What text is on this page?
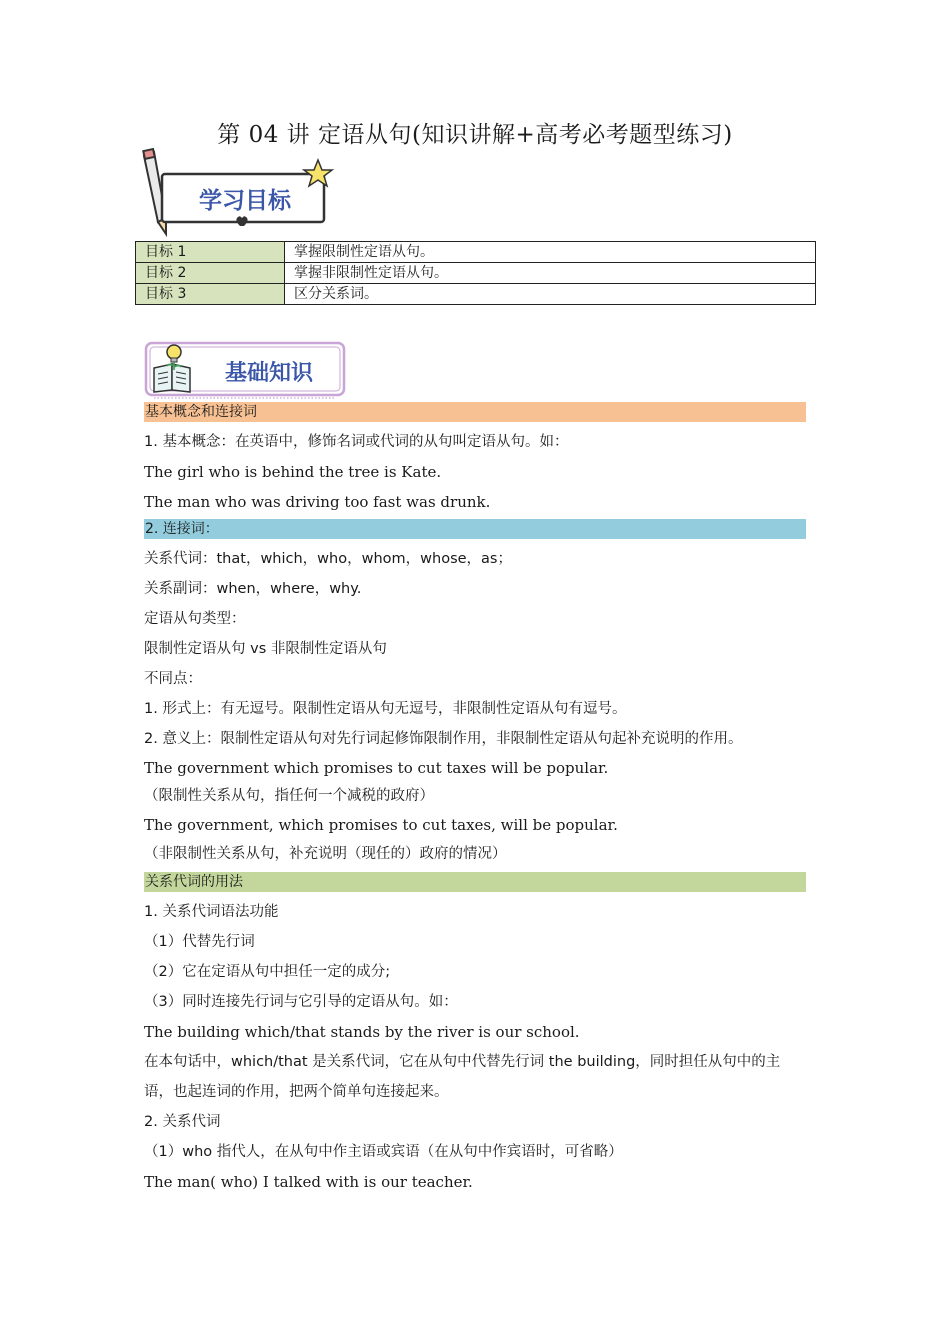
第 04 讲 定语从句(知识讲解+高考必考题型练习)
学习目标
目标 1	掌握限制性定语从句。
目标 2	掌握非限制性定语从句。
目标 3	区分关系词。
基础知识
基本概念和连接词
1. 基本概念：在英语中，修饰名词或代词的从句叫定语从句。如：
The girl who is behind the tree is Kate.
The man who was driving too fast was drunk.
2. 连接词：
关系代词：that，which，who，whom，whose，as；
关系副词：when，where，why.
定语从句类型：
限制性定语从句 vs 非限制性定语从句
不同点：
1. 形式上：有无逗号。限制性定语从句无逗号，非限制性定语从句有逗号。
2. 意义上：限制性定语从句对先行词起修饰限制作用，非限制性定语从句起补充说明的作用。
The government which promises to cut taxes will be popular.
（限制性关系从句，指任何一个减税的政府）
The government, which promises to cut taxes, will be popular.
（非限制性关系从句，补充说明（现任的）政府的情况）
关系代词的用法
1. 关系代词语法功能
（1）代替先行词
（2）它在定语从句中担任一定的成分;
（3）同时连接先行词与它引导的定语从句。如：
The building which/that stands by the river is our school.
在本句话中，which/that 是关系代词，它在从句中代替先行词 the building，同时担任从句中的主语，也起连词的作用，把两个简单句连接起来。
2. 关系代词
（1）who 指代人，在从句中作主语或宾语（在从句中作宾语时，可省略）
The man( who) I talked with is our teacher.
